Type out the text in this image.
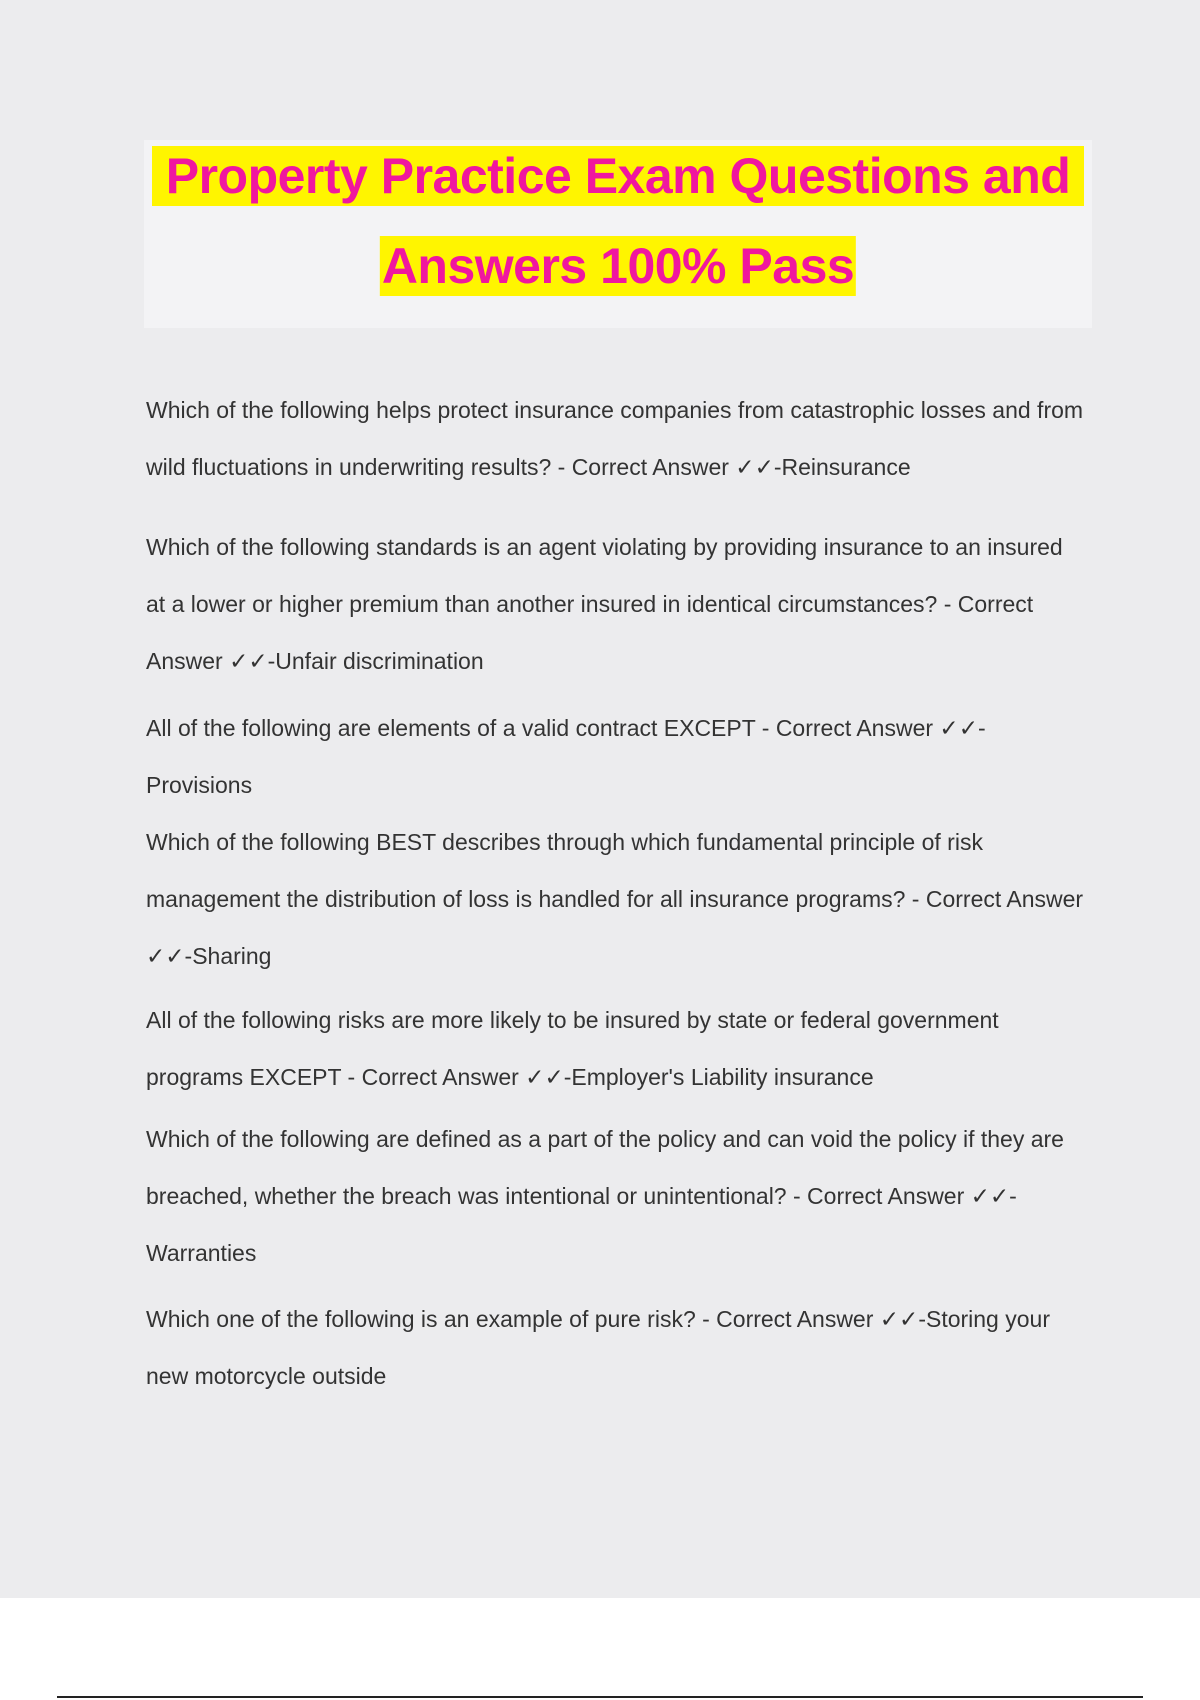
Property Practice Exam Questions and
Answers 100% Pass

Which of the following helps protect insurance companies from catastrophic losses and from wild fluctuations in underwriting results? - Correct Answer ✓✓-Reinsurance

Which of the following standards is an agent violating by providing insurance to an insured at a lower or higher premium than another insured in identical circumstances? - Correct Answer ✓✓-Unfair discrimination

All of the following are elements of a valid contract EXCEPT - Correct Answer ✓✓-Provisions

Which of the following BEST describes through which fundamental principle of risk management the distribution of loss is handled for all insurance programs? - Correct Answer ✓✓-Sharing

All of the following risks are more likely to be insured by state or federal government programs EXCEPT - Correct Answer ✓✓-Employer's Liability insurance

Which of the following are defined as a part of the policy and can void the policy if they are breached, whether the breach was intentional or unintentional? - Correct Answer ✓✓-Warranties

Which one of the following is an example of pure risk? - Correct Answer ✓✓-Storing your new motorcycle outside
